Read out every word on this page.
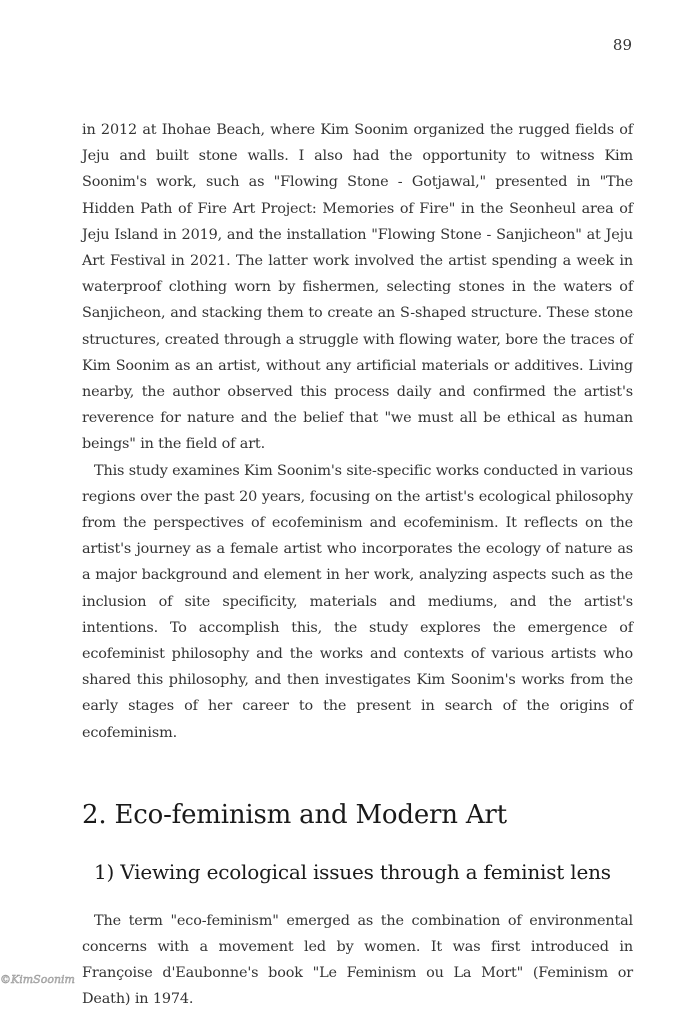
89

in 2012 at Ihohae Beach, where Kim Soonim organized the rugged fields of Jeju and built stone walls. I also had the opportunity to witness Kim Soonim's work, such as "Flowing Stone - Gotjawal," presented in "The Hidden Path of Fire Art Project: Memories of Fire" in the Seonheul area of Jeju Island in 2019, and the installation "Flowing Stone - Sanjicheon" at Jeju Art Festival in 2021. The latter work involved the artist spending a week in waterproof clothing worn by fishermen, selecting stones in the waters of Sanjicheon, and stacking them to create an S-shaped structure. These stone structures, created through a struggle with flowing water, bore the traces of Kim Soonim as an artist, without any artificial materials or additives. Living nearby, the author observed this process daily and confirmed the artist's reverence for nature and the belief that "we must all be ethical as human beings" in the field of art.

This study examines Kim Soonim's site-specific works conducted in various regions over the past 20 years, focusing on the artist's ecological philosophy from the perspectives of ecofeminism and ecofeminism. It reflects on the artist's journey as a female artist who incorporates the ecology of nature as a major background and element in her work, analyzing aspects such as the inclusion of site specificity, materials and mediums, and the artist's intentions. To accomplish this, the study explores the emergence of ecofeminist philosophy and the works and contexts of various artists who shared this philosophy, and then investigates Kim Soonim's works from the early stages of her career to the present in search of the origins of ecofeminism.

2. Eco-feminism and Modern Art
1) Viewing ecological issues through a feminist lens

The term "eco-feminism" emerged as the combination of environmental concerns with a movement led by women. It was first introduced in Françoise d'Eaubonne's book "Le Feminism ou La Mort" (Feminism or Death) in 1974.

©KimSoonim
